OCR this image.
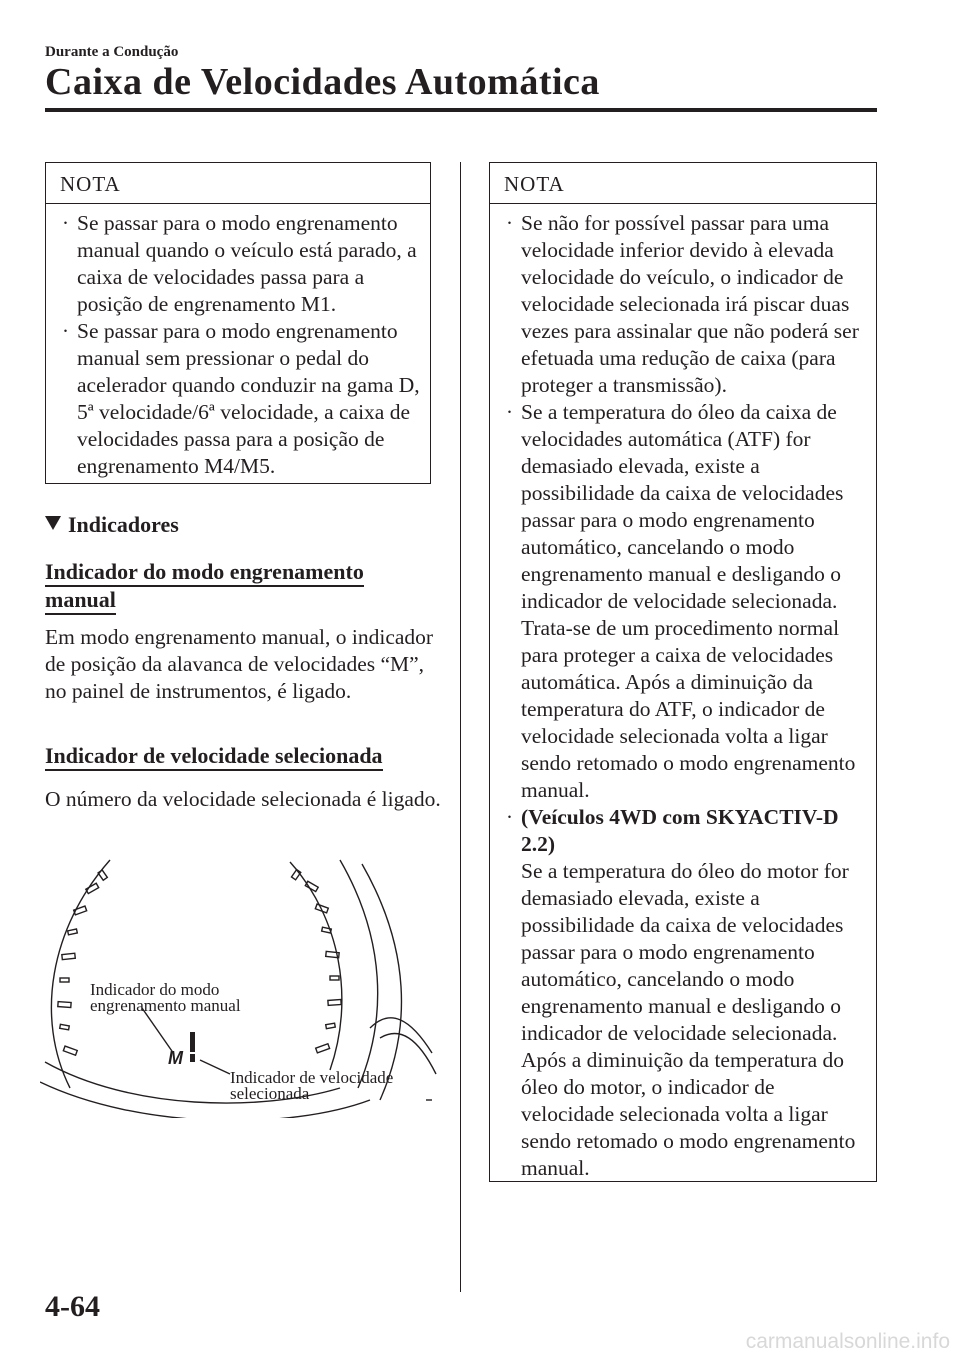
Durante a Condução
Caixa de Velocidades Automática
NOTA
· Se passar para o modo engrenamento manual quando o veículo está parado, a caixa de velocidades passa para a posição de engrenamento M1.
· Se passar para o modo engrenamento manual sem pressionar o pedal do acelerador quando conduzir na gama D, 5ª velocidade/6ª velocidade, a caixa de velocidades passa para a posição de engrenamento M4/M5.
Indicadores
Indicador do modo engrenamento
manual
Em modo engrenamento manual, o indicador de posição da alavanca de velocidades “M”, no painel de instrumentos, é ligado.
Indicador de velocidade selecionada
O número da velocidade selecionada é ligado.
M
Indicador do modo
engrenamento manual
Indicador de velocidade
selecionada
NOTA
· Se não for possível passar para uma velocidade inferior devido à elevada velocidade do veículo, o indicador de velocidade selecionada irá piscar duas vezes para assinalar que não poderá ser efetuada uma redução de caixa (para proteger a transmissão).
· Se a temperatura do óleo da caixa de velocidades automática (ATF) for demasiado elevada, existe a possibilidade da caixa de velocidades passar para o modo engrenamento automático, cancelando o modo engrenamento manual e desligando o indicador de velocidade selecionada. Trata-se de um procedimento normal para proteger a caixa de velocidades automática. Após a diminuição da temperatura do ATF, o indicador de velocidade selecionada volta a ligar sendo retomado o modo engrenamento manual.
· (Veículos 4WD com SKYACTIV-D 2.2)
Se a temperatura do óleo do motor for demasiado elevada, existe a possibilidade da caixa de velocidades passar para o modo engrenamento automático, cancelando o modo engrenamento manual e desligando o indicador de velocidade selecionada. Após a diminuição da temperatura do óleo do motor, o indicador de velocidade selecionada volta a ligar sendo retomado o modo engrenamento manual.
4-64
carmanualsonline.info
